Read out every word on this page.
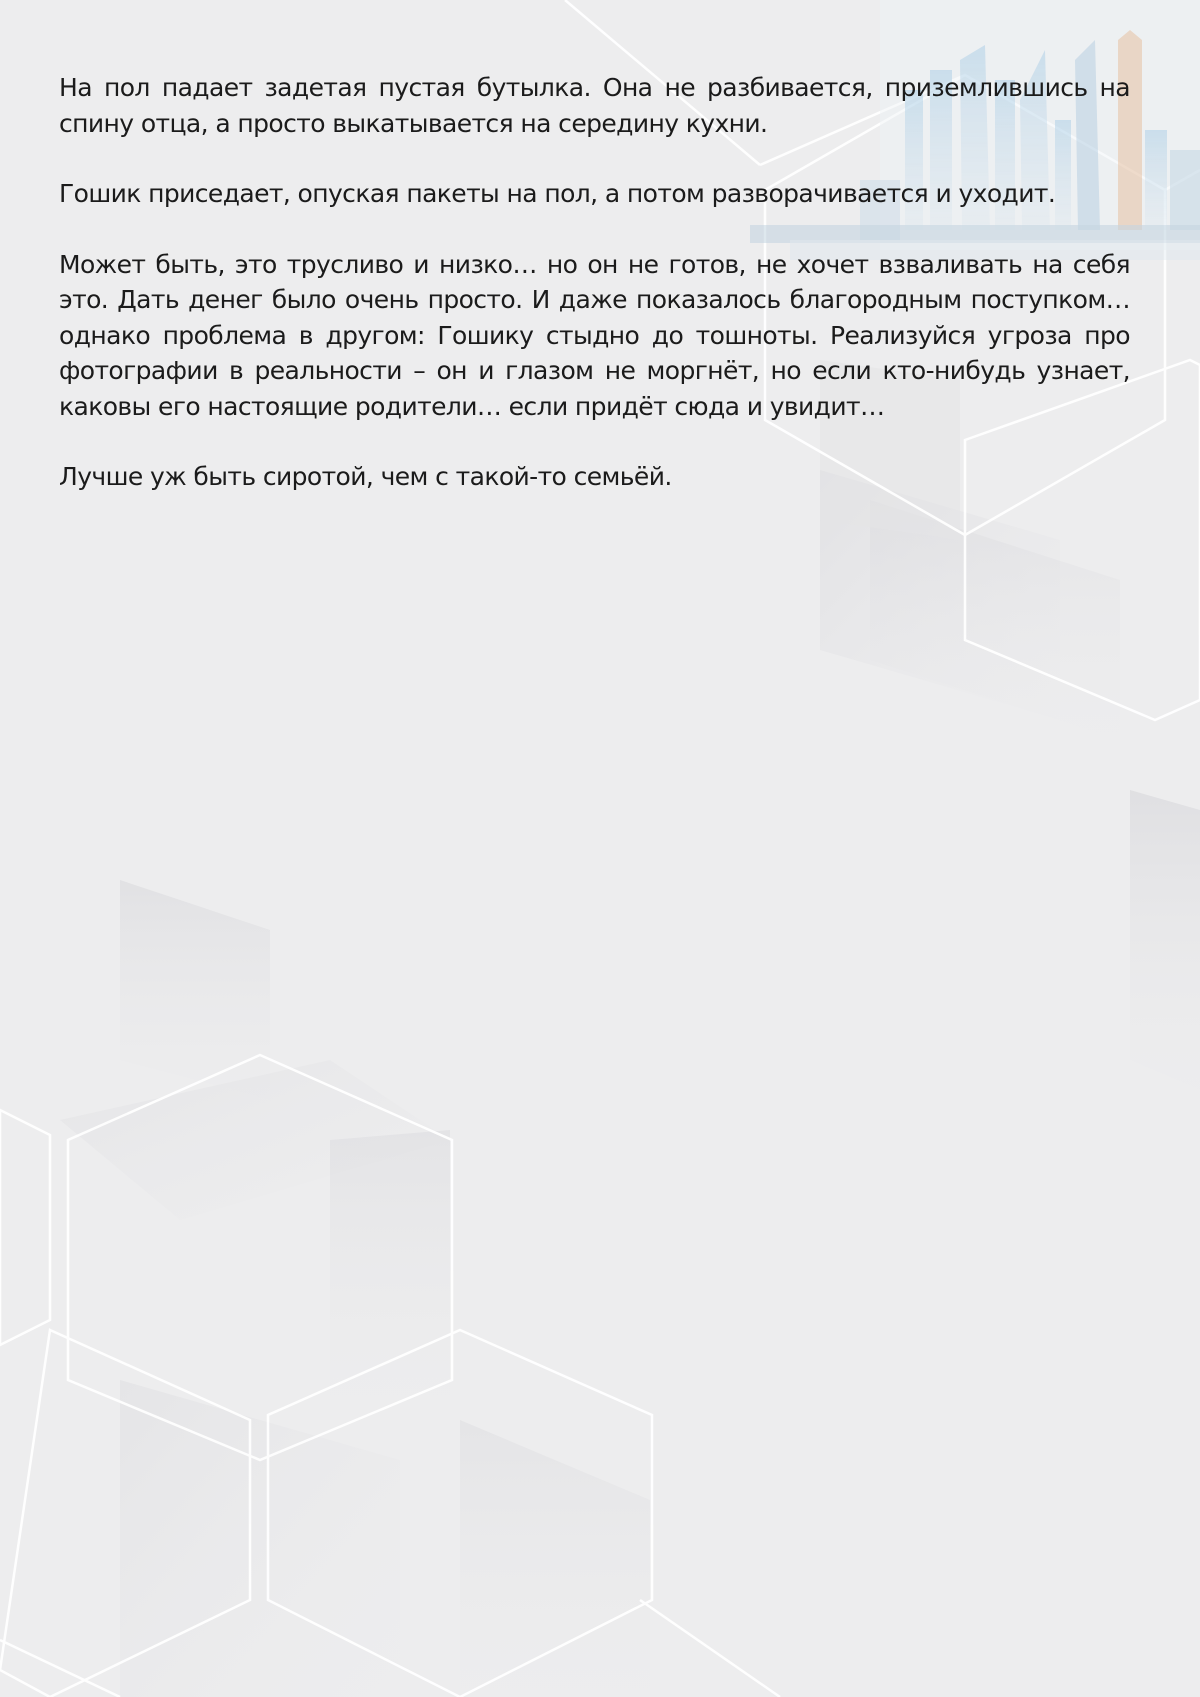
На пол падает задетая пустая бутылка. Она не разбивается, приземлившись на спину отца, а просто выкатывается на середину кухни.

Гошик приседает, опуская пакеты на пол, а потом разворачивается и уходит.

Может быть, это трусливо и низко… но он не готов, не хочет взваливать на себя это. Дать денег было очень просто. И даже показалось благородным поступком… однако проблема в другом: Гошику стыдно до тошноты. Реализуйся угроза про фотографии в реальности – он и глазом не моргнёт, но если кто-нибудь узнает, каковы его настоящие родители… если придёт сюда и увидит…

Лучше уж быть сиротой, чем с такой-то семьёй.
